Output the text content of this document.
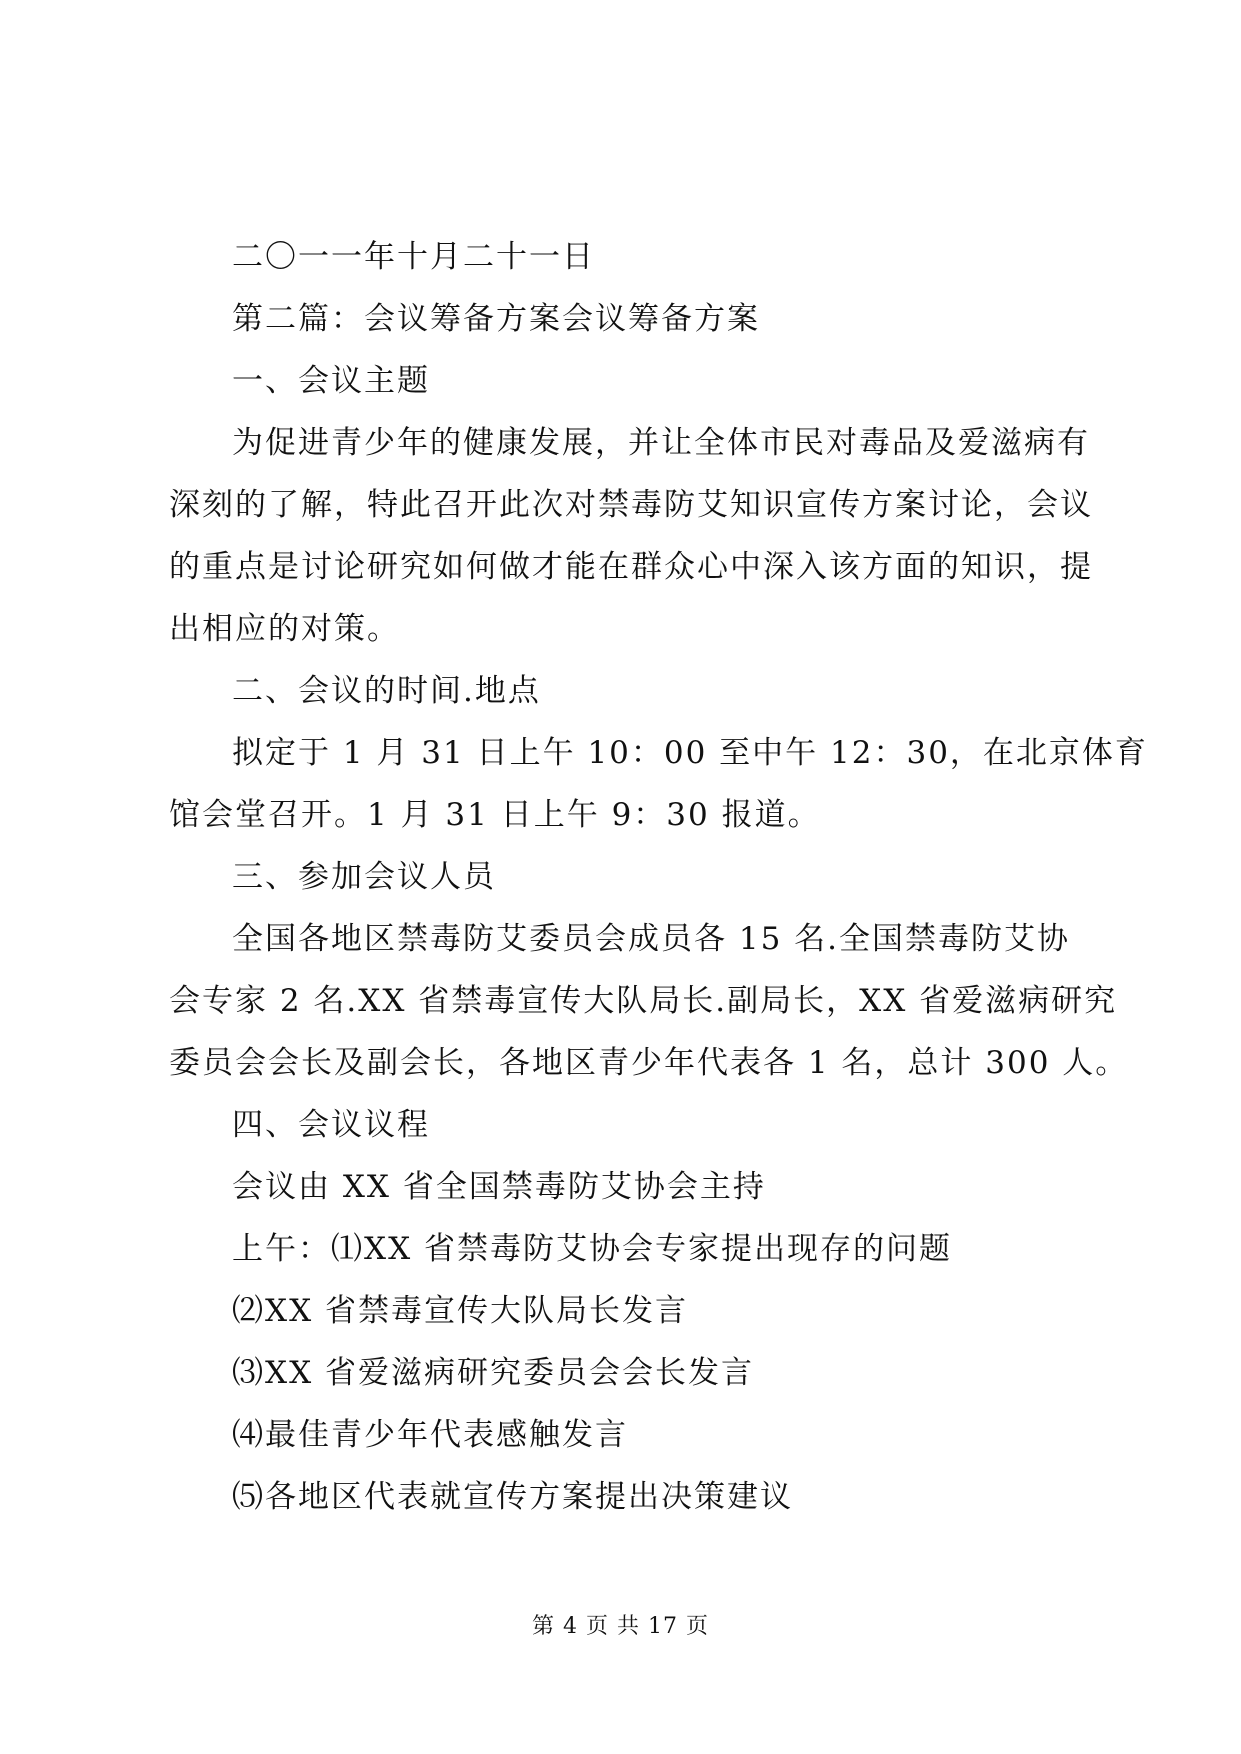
二〇一一年十月二十一日
第二篇：会议筹备方案会议筹备方案
一、会议主题
为促进青少年的健康发展，并让全体市民对毒品及爱滋病有
深刻的了解，特此召开此次对禁毒防艾知识宣传方案讨论，会议
的重点是讨论研究如何做才能在群众心中深入该方面的知识，提
出相应的对策。
二、会议的时间.地点
拟定于 1 月 31 日上午 10：00 至中午 12：30，在北京体育
馆会堂召开。1 月 31 日上午 9：30 报道。
三、参加会议人员
全国各地区禁毒防艾委员会成员各 15 名.全国禁毒防艾协
会专家 2 名.XX 省禁毒宣传大队局长.副局长，XX 省爱滋病研究
委员会会长及副会长，各地区青少年代表各 1 名，总计 300 人。
四、会议议程
会议由 XX 省全国禁毒防艾协会主持
上午：⑴XX 省禁毒防艾协会专家提出现存的问题
⑵XX 省禁毒宣传大队局长发言
⑶XX 省爱滋病研究委员会会长发言
⑷最佳青少年代表感触发言
⑸各地区代表就宣传方案提出决策建议
第 4 页 共 17 页
